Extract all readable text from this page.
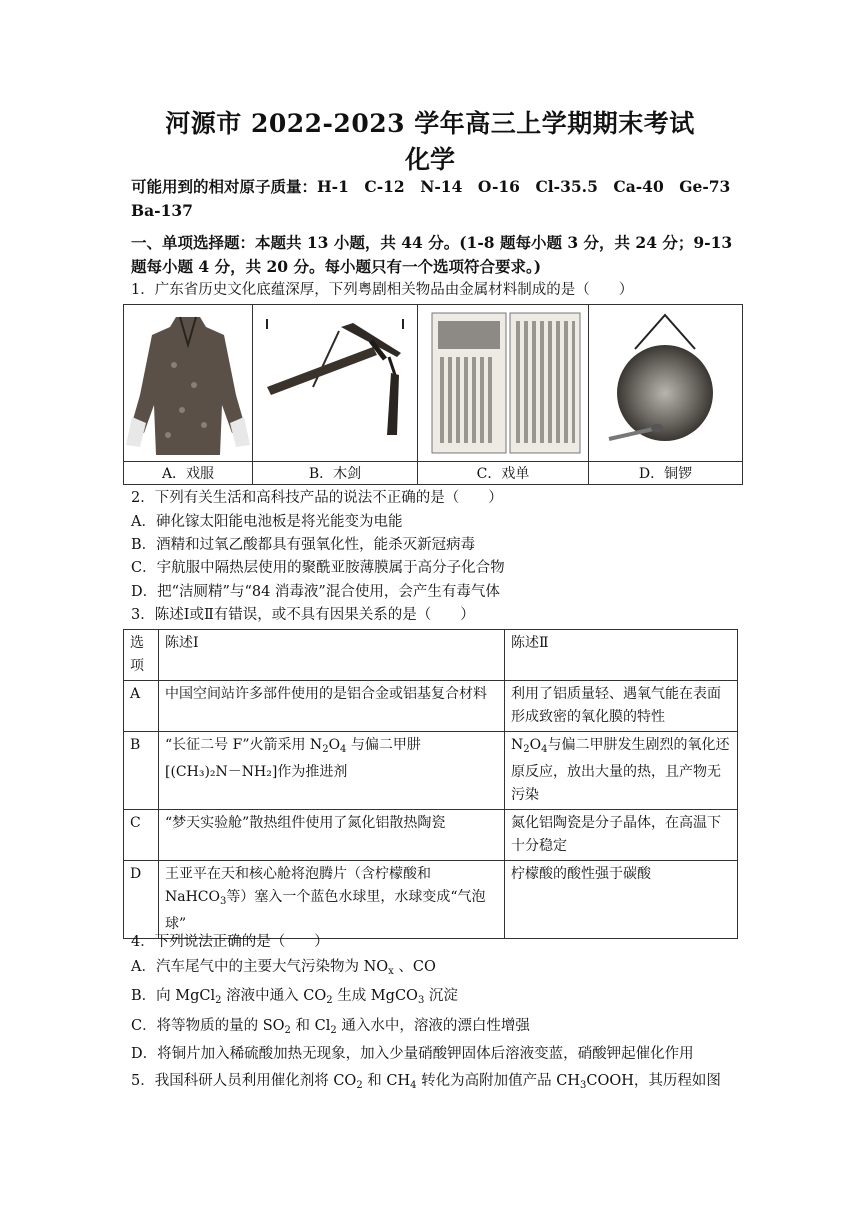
河源市 2022-2023 学年高三上学期期末考试
化学
可能用到的相对原子质量：H-1　C-12　N-14　O-16　Cl-35.5　Ca-40　Ge-73
Ba-137
一、单项选择题：本题共 13 小题，共 44 分。(1-8 题每小题 3 分，共 24 分；9-13
题每小题 4 分，共 20 分。每小题只有一个选项符合要求。)
1．广东省历史文化底蕴深厚，下列粤剧相关物品由金属材料制成的是（　　）

A．戏服	B．木剑	C．戏单	D．铜锣
2．下列有关生活和高科技产品的说法不正确的是（　　）
A．砷化镓太阳能电池板是将光能变为电能
B．酒精和过氧乙酸都具有强氧化性，能杀灭新冠病毒
C．宇航服中隔热层使用的聚酰亚胺薄膜属于高分子化合物
D．把“洁厕精”与“84 消毒液”混合使用，会产生有毒气体
3．陈述Ⅰ或Ⅱ有错误，或不具有因果关系的是（　　）
选项	陈述Ⅰ	陈述Ⅱ
A	中国空间站许多部件使用的是铝合金或铝基复合材料	利用了铝质量轻、遇氧气能在表面形成致密的氧化膜的特性
B	“长征二号 F”火箭采用 $N_2O_4$ 与偏二甲肼
[(CH₃)₂N－NH₂]作为推进剂	$N_2O_4$与偏二甲肼发生剧烈的氧化还原反应，放出大量的热，且产物无污染
C	“梦天实验舱”散热组件使用了氮化铝散热陶瓷	氮化铝陶瓷是分子晶体，在高温下十分稳定
D	王亚平在天和核心舱将泡腾片（含柠檬酸和
NaHCO$_3$等）塞入一个蓝色水球里，水球变成“气泡球”	柠檬酸的酸性强于碳酸
4．下列说法正确的是（　　）
A．汽车尾气中的主要大气污染物为 $NO_x$ 、CO
B．向 MgCl$_2$ 溶液中通入 $CO_2$ 生成 MgCO$_3$ 沉淀
C．将等物质的量的 $SO_2$ 和 $Cl_2$ 通入水中，溶液的漂白性增强
D．将铜片加入稀硫酸加热无现象，加入少量硝酸钾固体后溶液变蓝，硝酸钾起催化作用
5．我国科研人员利用催化剂将 $CO_2$ 和 $CH_4$ 转化为高附加值产品 $CH_3COOH$，其历程如图
